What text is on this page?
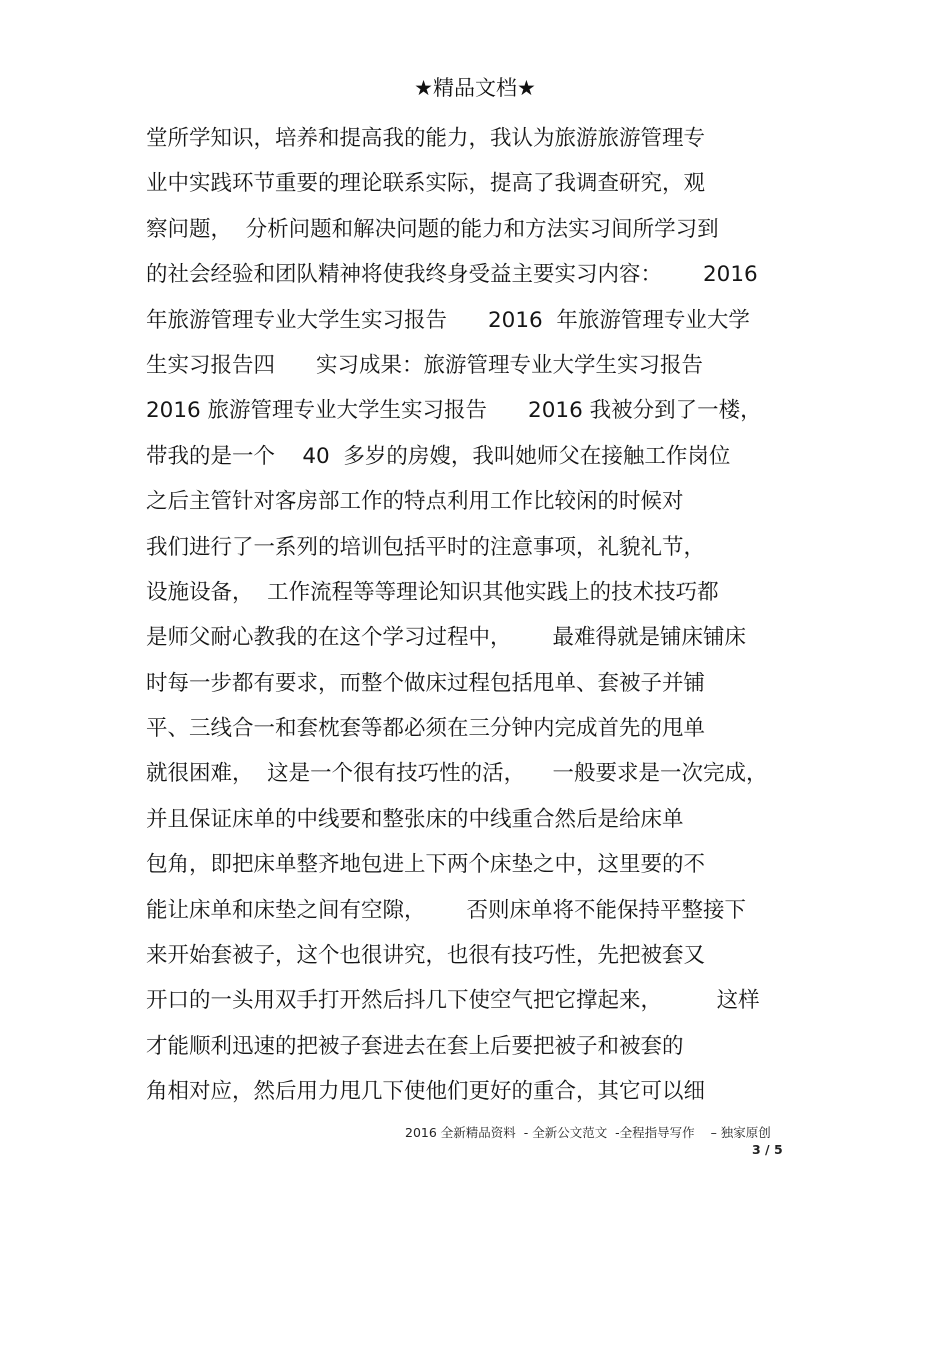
★精品文档★
堂所学知识，培养和提高我的能力，我认为旅游旅游管理专
业中实践环节重要的理论联系实际，提高了我调查研究，观
察问题，  分析问题和解决问题的能力和方法实习间所学习到
的社会经验和团队精神将使我终身受益主要实习内容：      2016
年旅游管理专业大学生实习报告      2016  年旅游管理专业大学
生实习报告四      实习成果：旅游管理专业大学生实习报告
2016 旅游管理专业大学生实习报告      2016 我被分到了一楼，
带我的是一个    40  多岁的房嫂，我叫她师父在接触工作岗位
之后主管针对客房部工作的特点利用工作比较闲的时候对
我们进行了一系列的培训包括平时的注意事项，礼貌礼节，
设施设备，  工作流程等等理论知识其他实践上的技术技巧都
是师父耐心教我的在这个学习过程中，      最难得就是铺床铺床
时每一步都有要求，而整个做床过程包括甩单、套被子并铺
平、三线合一和套枕套等都必须在三分钟内完成首先的甩单
就很困难，  这是一个很有技巧性的活，    一般要求是一次完成，
并且保证床单的中线要和整张床的中线重合然后是给床单
包角，即把床单整齐地包进上下两个床垫之中，这里要的不
能让床单和床垫之间有空隙，      否则床单将不能保持平整接下
来开始套被子，这个也很讲究，也很有技巧性，先把被套又
开口的一头用双手打开然后抖几下使空气把它撑起来，        这样
才能顺利迅速的把被子套进去在套上后要把被子和被套的
角相对应，然后用力甩几下使他们更好的重合，其它可以细
2016 全新精品资料  - 全新公文范文  -全程指导写作    – 独家原创
3 / 5
